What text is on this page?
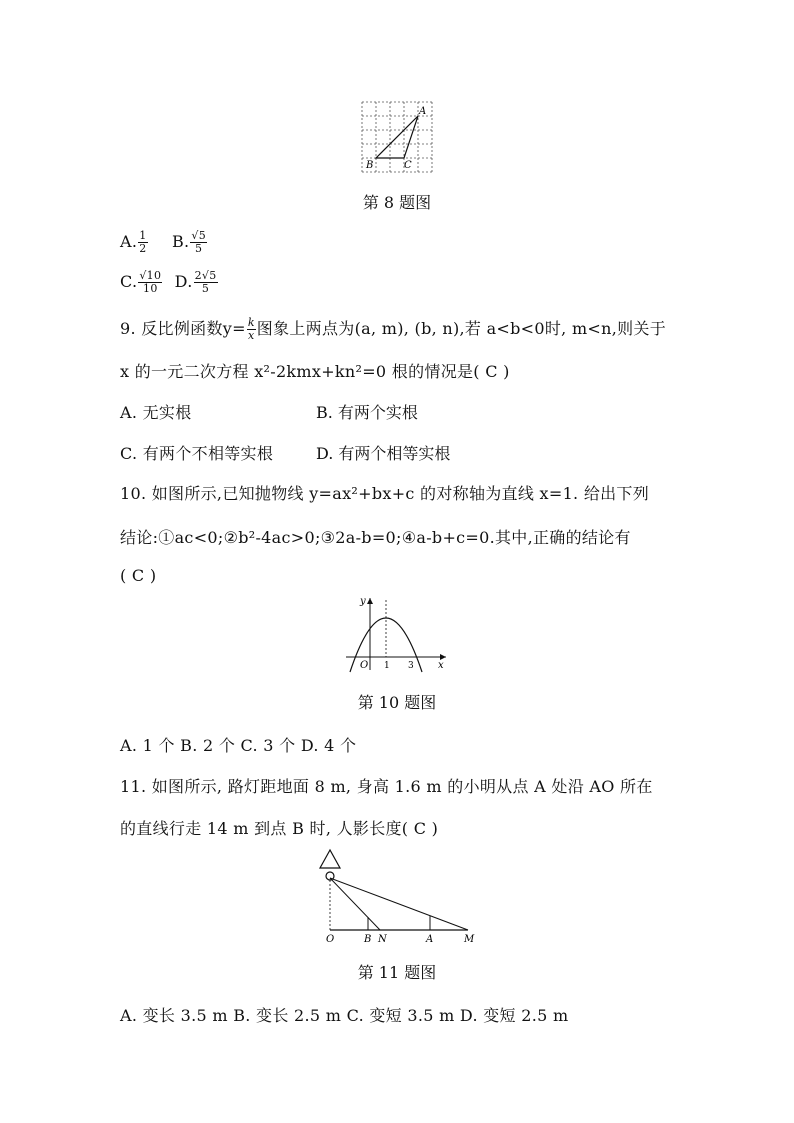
A
B	C
第 8 题图
A. $\frac{1}{2} B$. $\frac{√5}{5}$
C. $\frac{√10}{10} D$. $\frac{2√5}{5}$
9. 反比例函数$y= \frac{k}{x}$ 图象上两点为(a, m), (b, n),若 a<b<0时, m<n,则关于
x 的一元二次方程 x²-2kmx+kn²=0 根的情况是( C )
A. 无实根	B. 有两个实根
C. 有两个不相等实根	D. 有两个相等实根
10. 如图所示,已知抛物线 y=ax²+bx+c 的对称轴为直线 x=1. 给出下列
结论:①ac<0;②b²-4ac>0;③2a-b=0;④a-b+c=0.其中,正确的结论有
( C )
y
x
O 1 3
第 10 题图
A. 1 个 B. 2 个 C. 3 个 D. 4 个
11. 如图所示, 路灯距地面 8 m, 身高 1.6 m 的小明从点 A 处沿 AO 所在
的直线行走 14 m 到点 B 时, 人影长度( C )
O	B N	A	M
第 11 题图
A. 变长 3.5 m B. 变长 2.5 m C. 变短 3.5 m D. 变短 2.5 m
